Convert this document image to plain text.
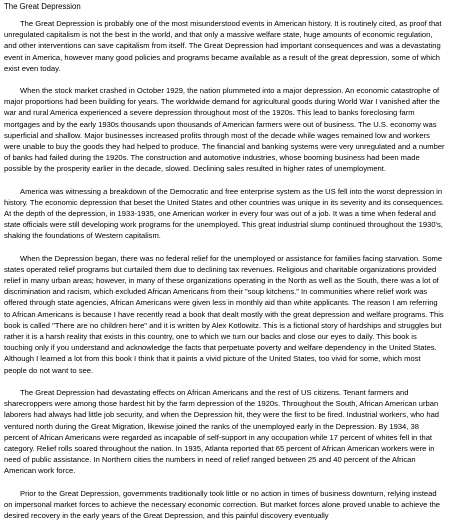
The Great Depression

The Great Depression is probably one of the most misunderstood events in American history. It is routinely cited, as proof that unregulated capitalism is not the best in the world, and that only a massive welfare state, huge amounts of economic regulation, and other interventions can save capitalism from itself. The Great Depression had important consequences and was a devastating event in America, however many good policies and programs became available as a result of the great depression, some of which exist even today.

When the stock market crashed in October 1929, the nation plummeted into a major depression. An economic catastrophe of major proportions had been building for years. The worldwide demand for agricultural goods during World War I vanished after the war and rural America experienced a severe depression throughout most of the 1920s. This lead to banks foreclosing farm mortgages and by the early 1930s thousands upon thousands of American farmers were out of business. The U.S. economy was superficial and shallow. Major businesses increased profits through most of the decade while wages remained low and workers were unable to buy the goods they had helped to produce. The financial and banking systems were very unregulated and a number of banks had failed during the 1920s. The construction and automotive industries, whose booming business had been made possible by the prosperity earlier in the decade, slowed. Declining sales resulted in higher rates of unemployment.

America was witnessing a breakdown of the Democratic and free enterprise system as the US fell into the worst depression in history. The economic depression that beset the United States and other countries was unique in its severity and its consequences. At the depth of the depression, in 1933-1935, one American worker in every four was out of a job. It was a time when federal and state officials were still developing work programs for the unemployed. This great industrial slump continued throughout the 1930's, shaking the foundations of Western capitalism.

When the Depression began, there was no federal relief for the unemployed or assistance for families facing starvation. Some states operated relief programs but curtailed them due to declining tax revenues. Religious and charitable organizations provided relief in many urban areas; however, in many of these organizations operating in the North as well as the South, there was a lot of discrimination and racism, which excluded African Americans from their "soup kitchens." In communities where relief work was offered through state agencies, African Americans were given less in monthly aid than white applicants. The reason I am referring to African Americans is because I have recently read a book that dealt mostly with the great depression and welfare programs. This book is called "There are no children here" and it is written by Alex Kotlowitz. This is a fictional story of hardships and struggles but rather it is a harsh reality that exists in this country, one to which we turn our backs and close our eyes to daily. This book is touching only if you understand and acknowledge the facts that perpetuate poverty and welfare dependency in the United States. Although I learned a lot from this book I think that it paints a vivid picture of the United States, too vivid for some, which most people do not want to see.

The Great Depression had devastating effects on African Americans and the rest of US citizens. Tenant farmers and sharecroppers were among those hardest hit by the farm depression of the 1920s. Throughout the South, African American urban laborers had always had little job security, and when the Depression hit, they were the first to be fired. Industrial workers, who had ventured north during the Great Migration, likewise joined the ranks of the unemployed early in the Depression. By 1934, 38 percent of African Americans were regarded as incapable of self-support in any occupation while 17 percent of whites fell in that category. Relief rolls soared throughout the nation. In 1935, Atlanta reported that 65 percent of African American workers were in need of public assistance. In Northern cities the numbers in need of relief ranged between 25 and 40 percent of the African American work force.

Prior to the Great Depression, governments traditionally took little or no action in times of business downturn, relying instead on impersonal market forces to achieve the necessary economic correction. But market forces alone proved unable to achieve the desired recovery in the early years of the Great Depression, and this painful discovery eventually
